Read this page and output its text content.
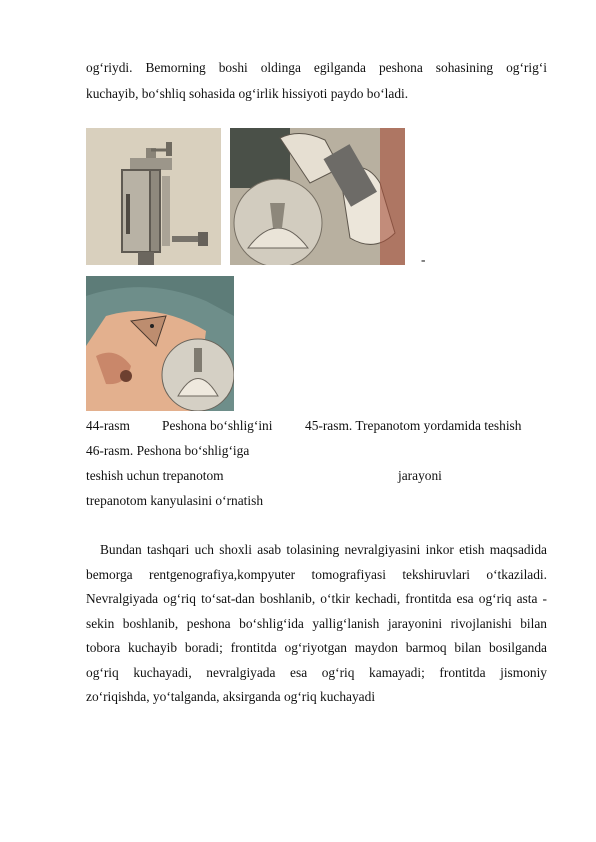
og‘riydi. Bemorning boshi oldinga egilganda peshona sohasining og‘rig‘i
kuchayib, bo‘shliq sohasida og‘irlik hissiyoti paydo bo‘ladi.
-
44-rasm Peshona bo‘shlig‘ini 45-rasm. Trepanotom yordamida teshish
46-rasm. Peshona bo‘shlig‘iga
teshish uchun trepanotom	jarayoni
trepanotom kanyulasini o‘rnatish
Bundan tashqari uch shoxli asab tolasining nevralgiyasini inkor etish maqsadida
bemorga rentgenografiya,kompyuter tomografiyasi tekshiruvlari o‘tkaziladi.
Nevralgiyada og‘riq to‘sat-dan boshlanib, o‘tkir kechadi, frontitda esa og‘riq asta -
sekin boshlanib, peshona bo‘shlig‘ida yallig‘lanish jarayonini rivojlanishi bilan
tobora kuchayib boradi; frontitda og‘riyotgan maydon barmoq bilan bosilganda
og‘riq kuchayadi, nevralgiyada esa og‘riq kamayadi; frontitda jismoniy
zo‘riqishda, yo‘talganda, aksirganda og‘riq kuchayadi
